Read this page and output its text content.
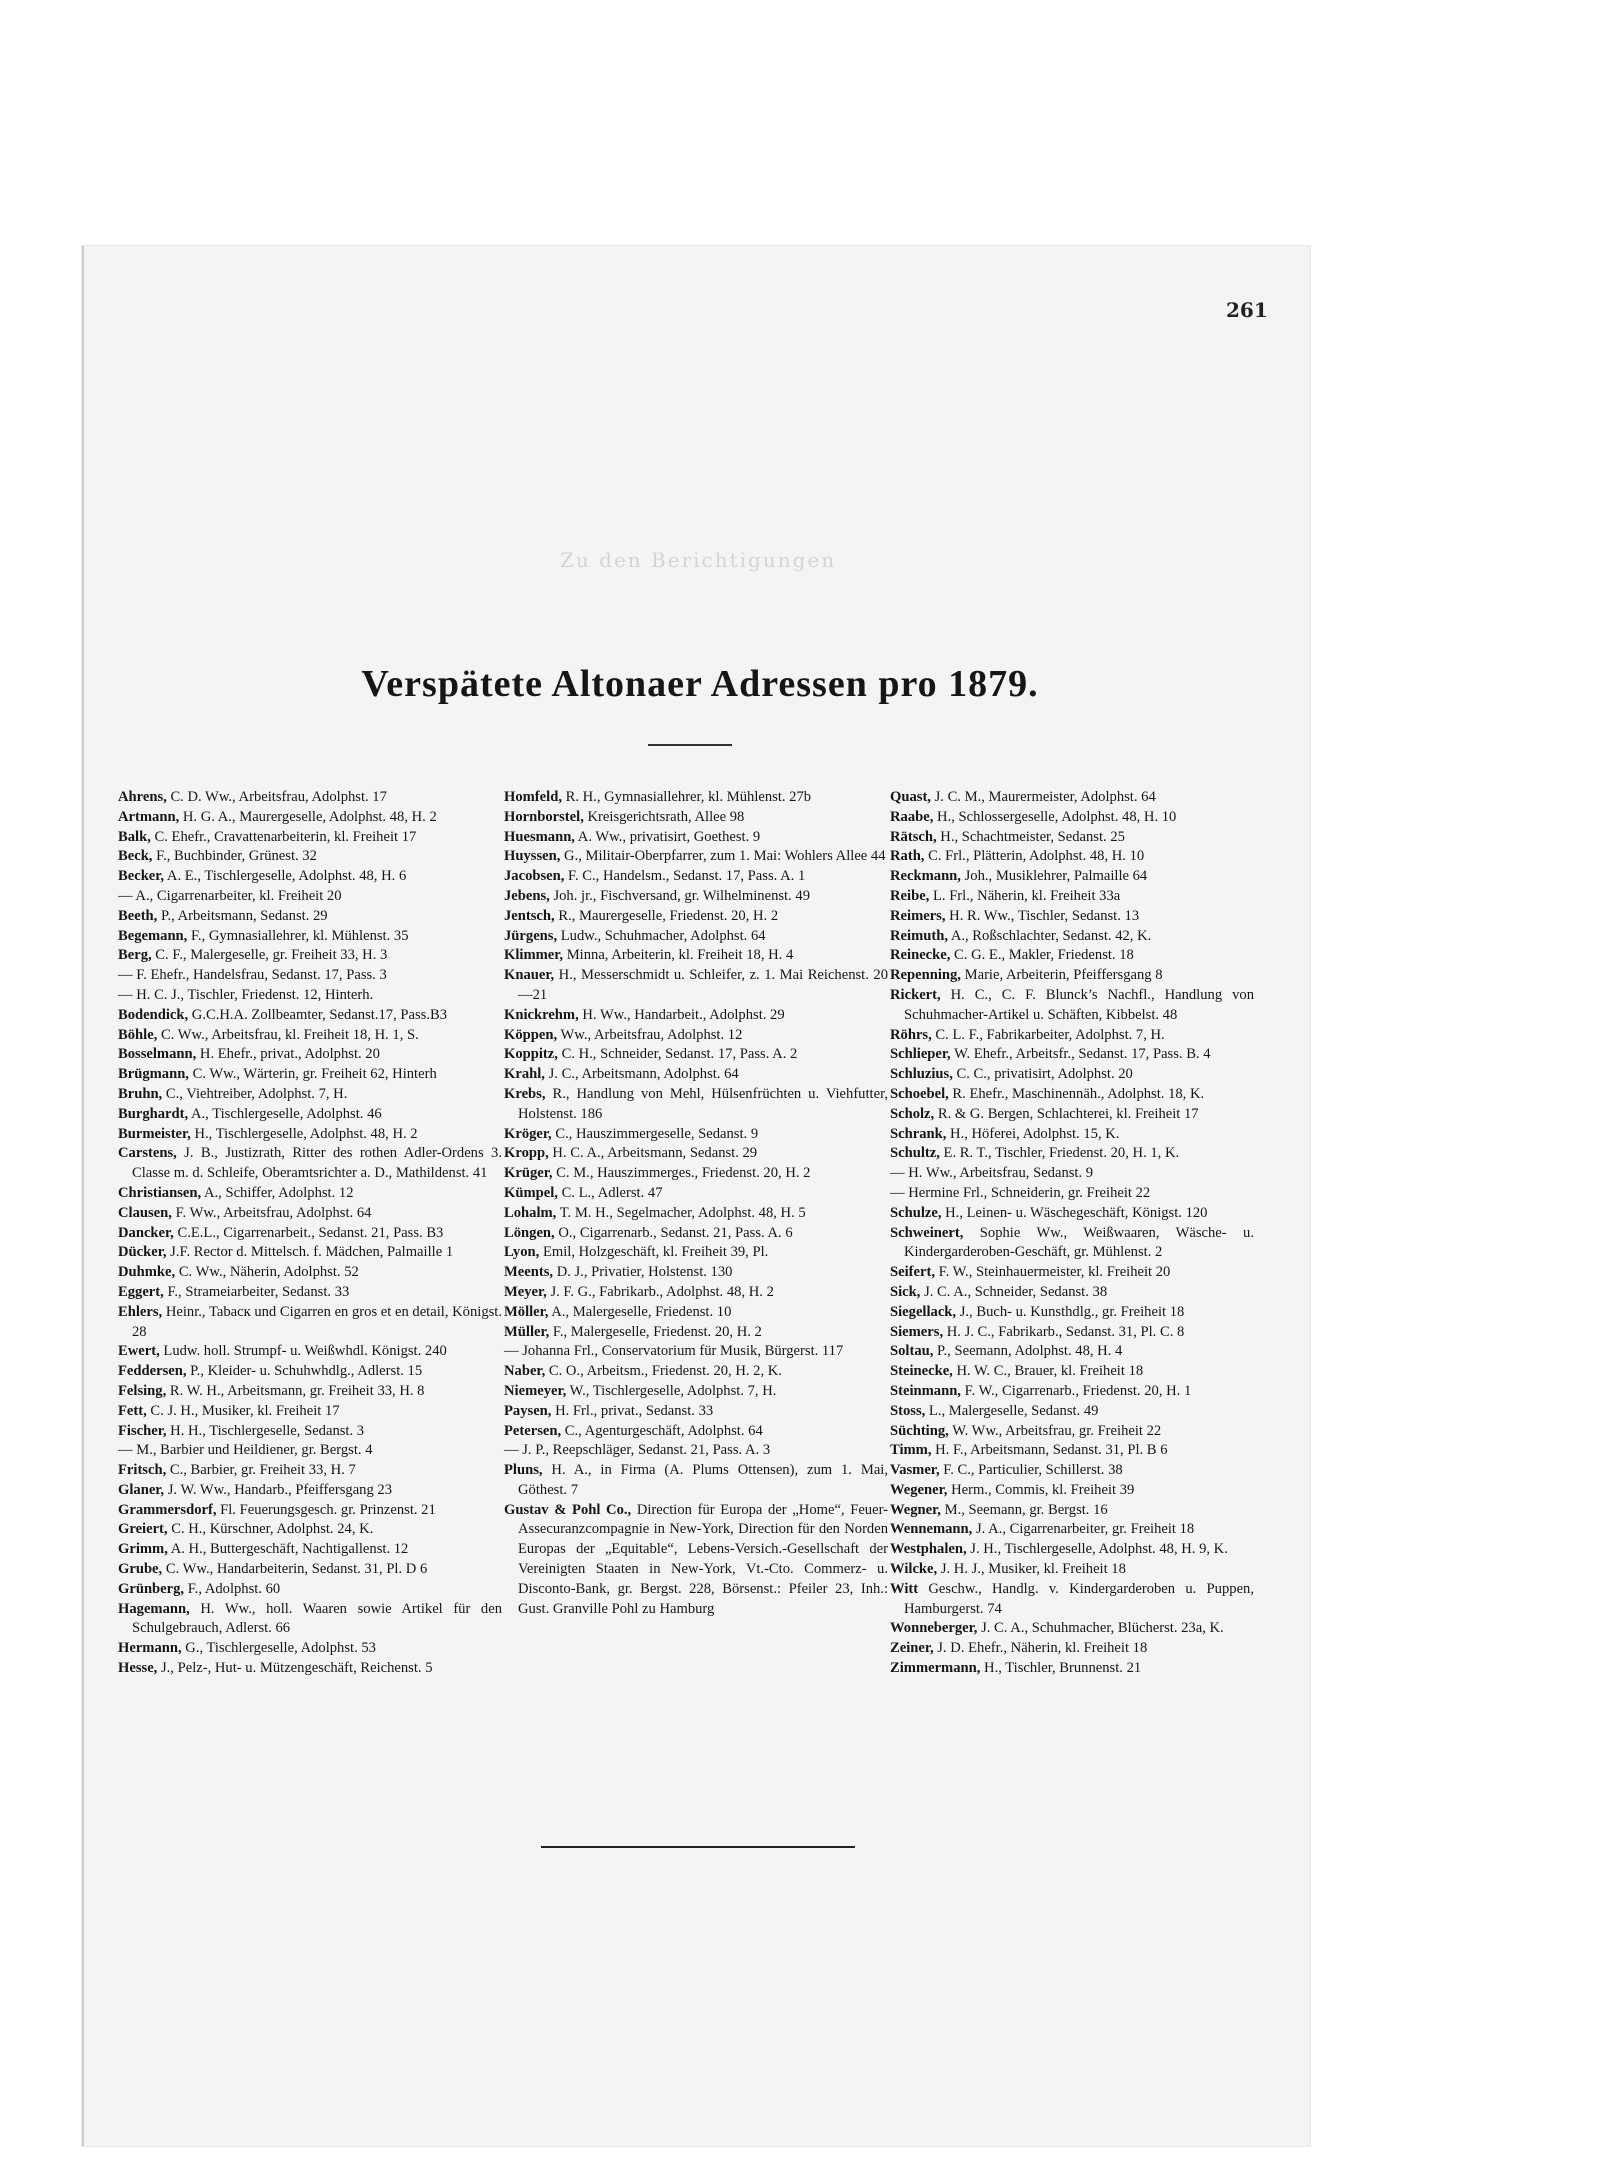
261
Zu den Berichtigungen
Verspätete Altonaer Adressen pro 1879.

Ahrens, C. D. Ww., Arbeitsfrau, Adolphst. 17

Artmann, H. G. A., Maurergeselle, Adolphst. 48, H. 2

Balk, C. Ehefr., Cravattenarbeiterin, kl. Freiheit 17

Beck, F., Buchbinder, Grünest. 32

Becker, A. E., Tischlergeselle, Adolphst. 48, H. 6

— A., Cigarrenarbeiter, kl. Freiheit 20

Beeth, P., Arbeitsmann, Sedanst. 29

Begemann, F., Gymnasiallehrer, kl. Mühlenst. 35

Berg, C. F., Malergeselle, gr. Freiheit 33, H. 3

— F. Ehefr., Handelsfrau, Sedanst. 17, Pass. 3

— H. C. J., Tischler, Friedenst. 12, Hinterh.

Bodendick, G.C.H.A. Zollbeamter, Sedanst.17, Pass.B3

Böhle, C. Ww., Arbeitsfrau, kl. Freiheit 18, H. 1, S.

Bosselmann, H. Ehefr., privat., Adolphst. 20

Brügmann, C. Ww., Wärterin, gr. Freiheit 62, Hinterh

Bruhn, C., Viehtreiber, Adolphst. 7, H.

Burghardt, A., Tischlergeselle, Adolphst. 46

Burmeister, H., Tischlergeselle, Adolphst. 48, H. 2

Carstens, J. B., Justizrath, Ritter des rothen Adler-Ordens 3. Classe m. d. Schleife, Oberamtsrichter a. D., Mathildenst. 41

Christiansen, A., Schiffer, Adolphst. 12

Clausen, F. Ww., Arbeitsfrau, Adolphst. 64

Dancker, C.E.L., Cigarrenarbeit., Sedanst. 21, Pass. B3

Dücker, J.F. Rector d. Mittelsch. f. Mädchen, Palmaille 1

Duhmke, C. Ww., Näherin, Adolphst. 52

Eggert, F., Strameiarbeiter, Sedanst. 33

Ehlers, Heinr., Tabacк und Cigarren en gros et en detail, Königst. 28

Ewert, Ludw. holl. Strumpf- u. Weißwhdl. Königst. 240

Feddersen, P., Kleider- u. Schuhwhdlg., Adlerst. 15

Felsing, R. W. H., Arbeitsmann, gr. Freiheit 33, H. 8

Fett, C. J. H., Musiker, kl. Freiheit 17

Fischer, H. H., Tischlergeselle, Sedanst. 3

— M., Barbier und Heildiener, gr. Bergst. 4

Fritsch, C., Barbier, gr. Freiheit 33, H. 7

Glaner, J. W. Ww., Handarb., Pfeiffersgang 23

Grammersdorf, Fl. Feuerungsgesch. gr. Prinzenst. 21

Greiert, C. H., Kürschner, Adolphst. 24, K.

Grimm, A. H., Buttergeschäft, Nachtigallenst. 12

Grube, C. Ww., Handarbeiterin, Sedanst. 31, Pl. D 6

Grünberg, F., Adolphst. 60

Hagemann, H. Ww., holl. Waaren sowie Artikel für den Schulgebrauch, Adlerst. 66

Hermann, G., Tischlergeselle, Adolphst. 53

Hesse, J., Pelz-, Hut- u. Mützengeschäft, Reichenst. 5

Homfeld, R. H., Gymnasiallehrer, kl. Mühlenst. 27b

Hornborstel, Kreisgerichtsrath, Allee 98

Huesmann, A. Ww., privatisirt, Goethest. 9

Huyssen, G., Militair-Oberpfarrer, zum 1. Mai: Wohlers Allee 44

Jacobsen, F. C., Handelsm., Sedanst. 17, Pass. A. 1

Jebens, Joh. jr., Fischversand, gr. Wilhelminenst. 49

Jentsch, R., Maurergeselle, Friedenst. 20, H. 2

Jürgens, Ludw., Schuhmacher, Adolphst. 64

Klimmer, Minna, Arbeiterin, kl. Freiheit 18, H. 4

Knauer, H., Messerschmidt u. Schleifer, z. 1. Mai Reichenst. 20—21

Knickrehm, H. Ww., Handarbeit., Adolphst. 29

Köppen, Ww., Arbeitsfrau, Adolphst. 12

Koppitz, C. H., Schneider, Sedanst. 17, Pass. A. 2

Krahl, J. C., Arbeitsmann, Adolphst. 64

Krebs, R., Handlung von Mehl, Hülsenfrüchten u. Viehfutter, Holstenst. 186

Kröger, C., Hauszimmergeselle, Sedanst. 9

Kropp, H. C. A., Arbeitsmann, Sedanst. 29

Krüger, C. M., Hauszimmerges., Friedenst. 20, H. 2

Kümpel, C. L., Adlerst. 47

Lohalm, T. M. H., Segelmacher, Adolphst. 48, H. 5

Löngen, O., Cigarrenarb., Sedanst. 21, Pass. A. 6

Lyon, Emil, Holzgeschäft, kl. Freiheit 39, Pl.

Meents, D. J., Privatier, Holstenst. 130

Meyer, J. F. G., Fabrikarb., Adolphst. 48, H. 2

Möller, A., Malergeselle, Friedenst. 10

Müller, F., Malergeselle, Friedenst. 20, H. 2

— Johanna Frl., Conservatorium für Musik, Bürgerst. 117

Naber, C. O., Arbeitsm., Friedenst. 20, H. 2, K.

Niemeyer, W., Tischlergeselle, Adolphst. 7, H.

Paysen, H. Frl., privat., Sedanst. 33

Petersen, C., Agenturgeschäft, Adolphst. 64

— J. P., Reepschläger, Sedanst. 21, Pass. A. 3

Pluns, H. A., in Firma (A. Plums Ottensen), zum 1. Mai, Göthest. 7

Gustav & Pohl Co., Direction für Europa der „Home“, Feuer-Assecuranzcompagnie in New-York, Direction für den Norden Europas der „Equitable“, Lebens-Versich.-Gesellschaft der Vereinigten Staaten in New-York, Vt.-Cto. Commerz- u. Disconto-Bank, gr. Bergst. 228, Börsenst.: Pfeiler 23, Inh.: Gust. Granville Pohl zu Hamburg

Quast, J. C. M., Maurermeister, Adolphst. 64

Raabe, H., Schlossergeselle, Adolphst. 48, H. 10

Rätsch, H., Schachtmeister, Sedanst. 25

Rath, C. Frl., Plätterin, Adolphst. 48, H. 10

Reckmann, Joh., Musiklehrer, Palmaille 64

Reibe, L. Frl., Näherin, kl. Freiheit 33a

Reimers, H. R. Ww., Tischler, Sedanst. 13

Reimuth, A., Roßschlachter, Sedanst. 42, K.

Reinecke, C. G. E., Makler, Friedenst. 18

Repenning, Marie, Arbeiterin, Pfeiffersgang 8

Rickert, H. C., C. F. Blunck’s Nachfl., Handlung von Schuhmacher-Artikel u. Schäften, Kibbelst. 48

Röhrs, C. L. F., Fabrikarbeiter, Adolphst. 7, H.

Schlieper, W. Ehefr., Arbeitsfr., Sedanst. 17, Pass. B. 4

Schluzius, C. C., privatisirt, Adolphst. 20

Schoebel, R. Ehefr., Maschinennäh., Adolphst. 18, K.

Scholz, R. & G. Bergen, Schlachterei, kl. Freiheit 17

Schrank, H., Höferei, Adolphst. 15, K.

Schultz, E. R. T., Tischler, Friedenst. 20, H. 1, K.

— H. Ww., Arbeitsfrau, Sedanst. 9

— Hermine Frl., Schneiderin, gr. Freiheit 22

Schulze, H., Leinen- u. Wäschegeschäft, Königst. 120

Schweinert, Sophie Ww., Weißwaaren, Wäsche- u. Kindergarderoben-Geschäft, gr. Mühlenst. 2

Seifert, F. W., Steinhauermeister, kl. Freiheit 20

Sick, J. C. A., Schneider, Sedanst. 38

Siegellack, J., Buch- u. Kunsthdlg., gr. Freiheit 18

Siemers, H. J. C., Fabrikarb., Sedanst. 31, Pl. C. 8

Soltau, P., Seemann, Adolphst. 48, H. 4

Steinecke, H. W. C., Brauer, kl. Freiheit 18

Steinmann, F. W., Cigarrenarb., Friedenst. 20, H. 1

Stoss, L., Malergeselle, Sedanst. 49

Süchting, W. Ww., Arbeitsfrau, gr. Freiheit 22

Timm, H. F., Arbeitsmann, Sedanst. 31, Pl. B 6

Vasmer, F. C., Particulier, Schillerst. 38

Wegener, Herm., Commis, kl. Freiheit 39

Wegner, M., Seemann, gr. Bergst. 16

Wennemann, J. A., Cigarrenarbeiter, gr. Freiheit 18

Westphalen, J. H., Tischlergeselle, Adolphst. 48, H. 9, K.

Wilcke, J. H. J., Musiker, kl. Freiheit 18

Witt Geschw., Handlg. v. Kindergarderoben u. Puppen, Hamburgerst. 74

Wonneberger, J. C. A., Schuhmacher, Blücherst. 23a, K.

Zeiner, J. D. Ehefr., Näherin, kl. Freiheit 18

Zimmermann, H., Tischler, Brunnenst. 21
